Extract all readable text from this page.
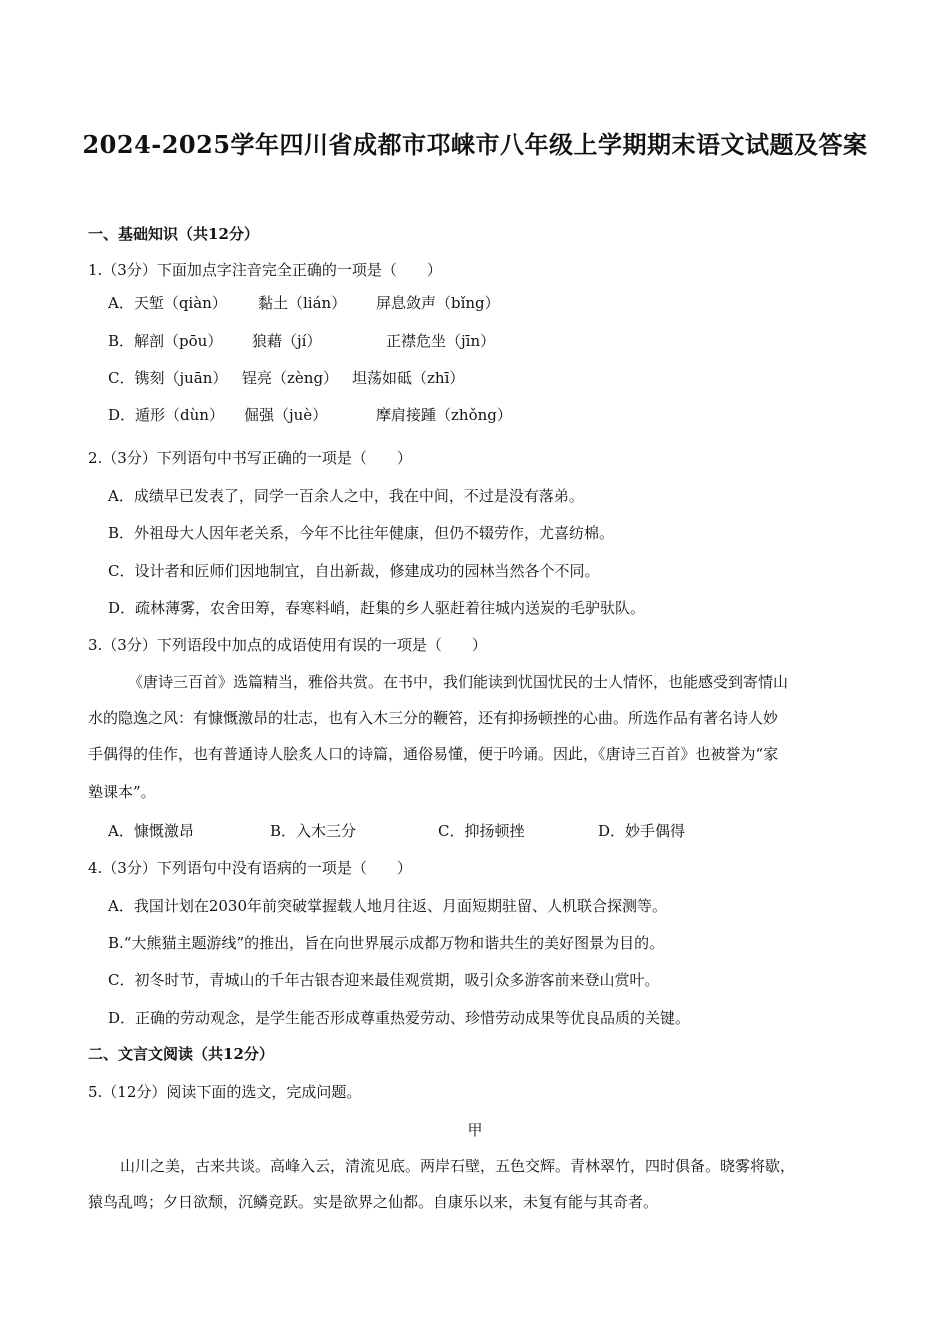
2024-2025学年四川省成都市邛崃市八年级上学期期末语文试题及答案
一、基础知识（共12分）
1.（3分）下面加点字注音完全正确的一项是（　　）
A．天堑（qiàn） 黏土（lián） 屏息敛声（bǐng）
B．解剖（pōu） 狼藉（jí）	正襟危坐（jīn）
C．镌刻（juān） 锃亮（zèng） 坦荡如砥（zhī）
D．遁形（dùn） 倔强（juè）	摩肩接踵（zhǒng）
2.（3分）下列语句中书写正确的一项是（　　）
A．成绩早已发表了，同学一百余人之中，我在中间，不过是没有落弟。
B．外祖母大人因年老关系，今年不比往年健康，但仍不辍劳作，尤喜纺棉。
C．设计者和匠师们因地制宜，自出新裁，修建成功的园林当然各个不同。
D．疏林薄雾，农舍田筹，春寒料峭，赶集的乡人驱赶着往城内送炭的毛驴驮队。
3.（3分）下列语段中加点的成语使用有误的一项是（　　）
《唐诗三百首》选篇精当，雅俗共赏。在书中，我们能读到忧国忧民的士人情怀，也能感受到寄情山
水的隐逸之风：有慷慨激昂的壮志，也有入木三分的鞭笞，还有抑扬顿挫的心曲。所选作品有著名诗人妙
手偶得的佳作，也有普通诗人脍炙人口的诗篇，通俗易懂，便于吟诵。因此，《唐诗三百首》也被誉为“家
塾课本”。
A．慷慨激昂	B．入木三分	C．抑扬顿挫	D．妙手偶得
4.（3分）下列语句中没有语病的一项是（　　）
A．我国计划在2030年前突破掌握载人地月往返、月面短期驻留、人机联合探测等。
B.“大熊猫主题游线”的推出，旨在向世界展示成都万物和谐共生的美好图景为目的。
C．初冬时节，青城山的千年古银杏迎来最佳观赏期，吸引众多游客前来登山赏叶。
D．正确的劳动观念，是学生能否形成尊重热爱劳动、珍惜劳动成果等优良品质的关键。
二、文言文阅读（共12分）
5.（12分）阅读下面的选文，完成问题。
甲
山川之美，古来共谈。高峰入云，清流见底。两岸石壁，五色交辉。青林翠竹，四时俱备。晓雾将歇，
猿鸟乱鸣；夕日欲颓，沉鳞竞跃。实是欲界之仙都。自康乐以来，未复有能与其奇者。
